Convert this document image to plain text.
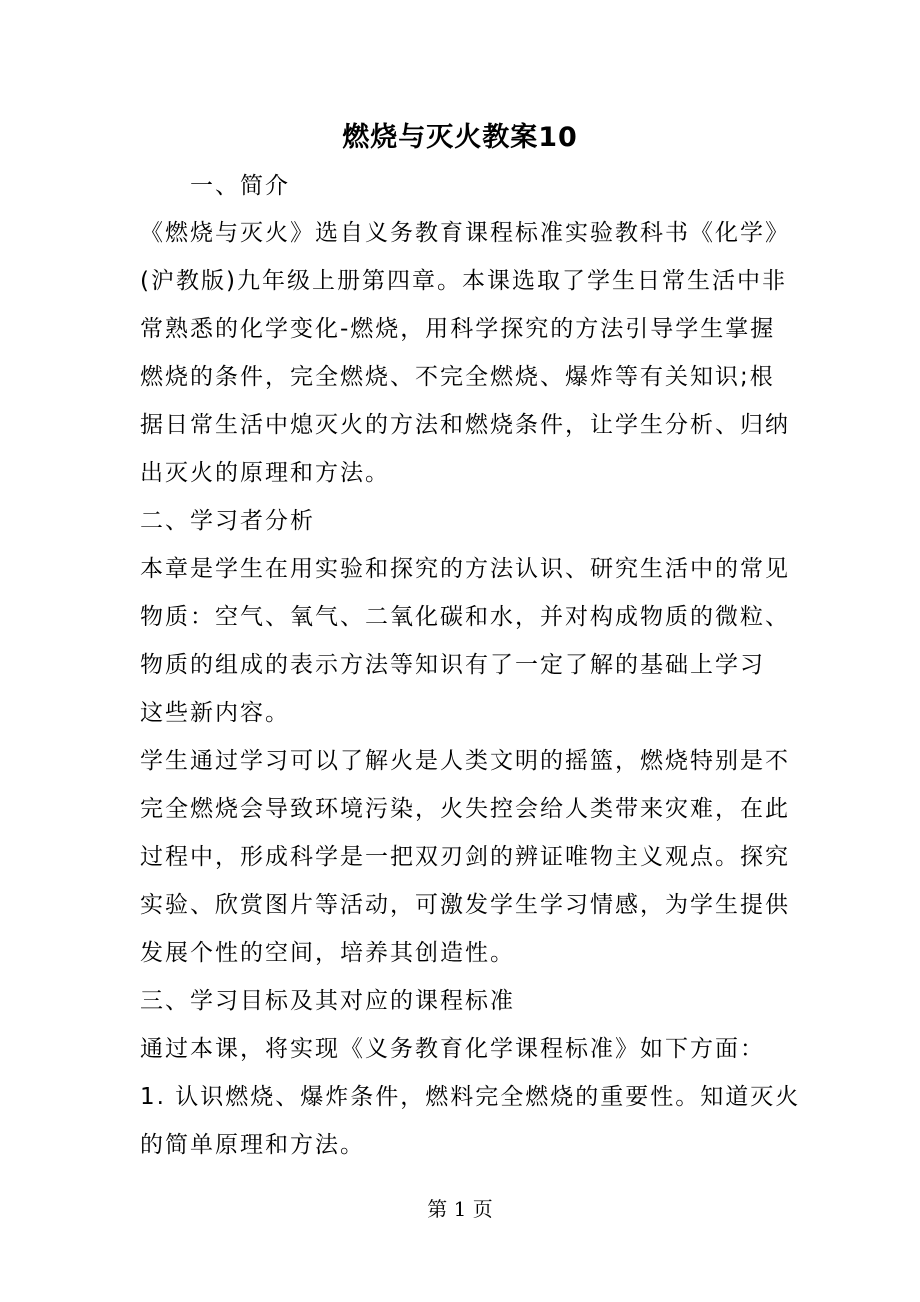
燃烧与灭火教案10
一、简介
《燃烧与灭火》选自义务教育课程标准实验教科书《化学》
(沪教版)九年级上册第四章。本课选取了学生日常生活中非
常熟悉的化学变化-燃烧，用科学探究的方法引导学生掌握
燃烧的条件，完全燃烧、不完全燃烧、爆炸等有关知识;根
据日常生活中熄灭火的方法和燃烧条件，让学生分析、归纳
出灭火的原理和方法。
二、学习者分析
本章是学生在用实验和探究的方法认识、研究生活中的常见
物质：空气、氧气、二氧化碳和水，并对构成物质的微粒、
物质的组成的表示方法等知识有了一定了解的基础上学习
这些新内容。
学生通过学习可以了解火是人类文明的摇篮，燃烧特别是不
完全燃烧会导致环境污染，火失控会给人类带来灾难，在此
过程中，形成科学是一把双刃剑的辨证唯物主义观点。探究
实验、欣赏图片等活动，可激发学生学习情感，为学生提供
发展个性的空间，培养其创造性。
三、学习目标及其对应的课程标准
通过本课，将实现《义务教育化学课程标准》如下方面：
1. 认识燃烧、爆炸条件，燃料完全燃烧的重要性。知道灭火
的简单原理和方法。
第 1 页
